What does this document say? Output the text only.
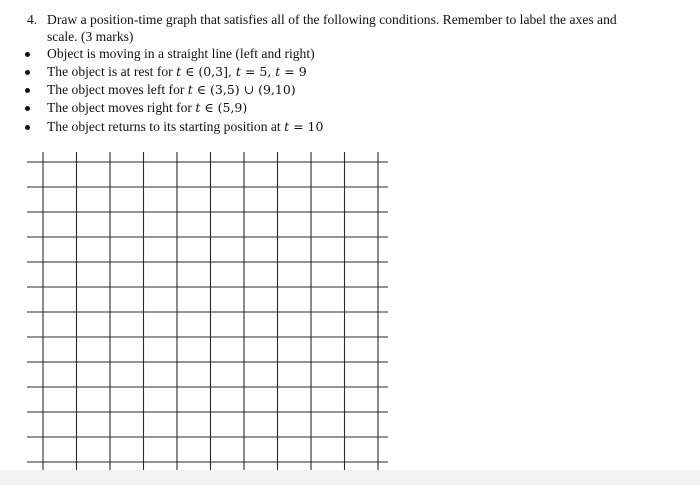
4. Draw a position-time graph that satisfies all of the following conditions. Remember to label the axes and
scale. (3 marks)
Object is moving in a straight line (left and right)
The object is at rest for t ∈ (0,3], t = 5, t = 9
The object moves left for t ∈ (3,5) ∪ (9,10)
The object moves right for t ∈ (5,9)
The object returns to its starting position at t = 10
